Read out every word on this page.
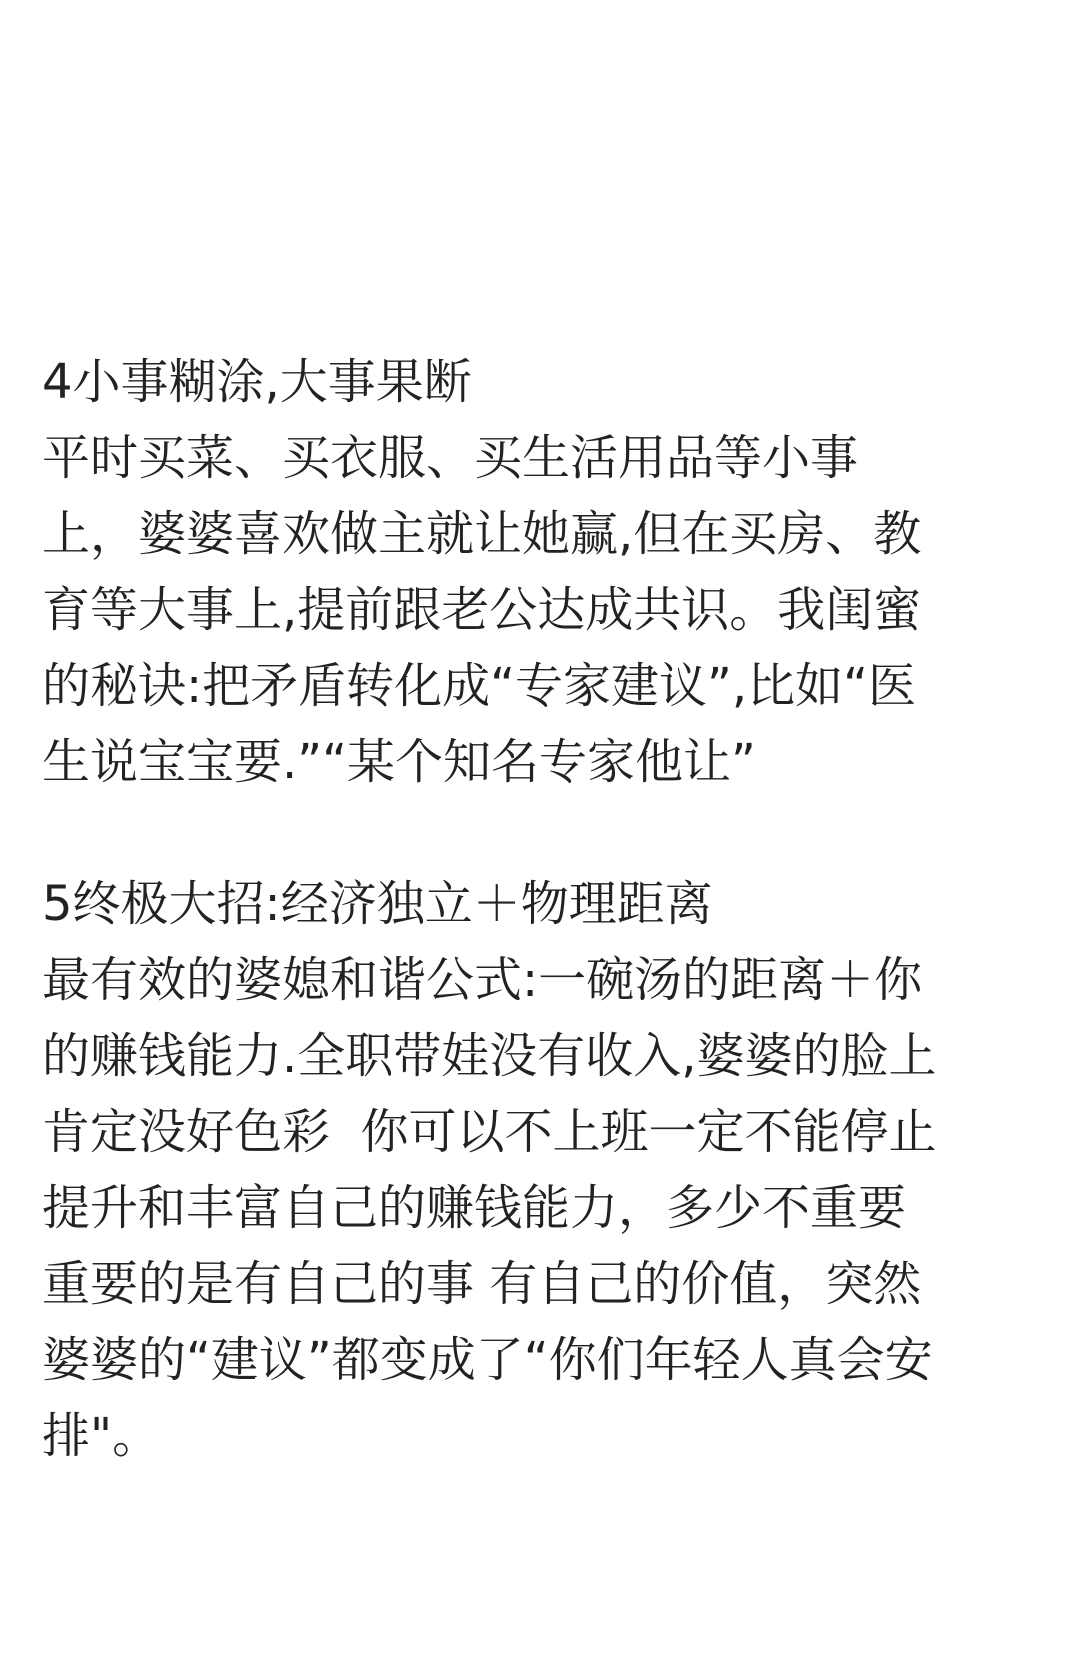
4小事糊涂,大事果断
平时买菜、买衣服、买生活用品等小事
上，婆婆喜欢做主就让她赢,但在买房、教
育等大事上,提前跟老公达成共识。我闺蜜
的秘诀:把矛盾转化成“专家建议”,比如“医
生说宝宝要.”“某个知名专家他让”
5终极大招:经济独立＋物理距离
最有效的婆媳和谐公式:一碗汤的距离＋你
的赚钱能力.全职带娃没有收入,婆婆的脸上
肯定没好色彩  你可以不上班一定不能停止
提升和丰富自己的赚钱能力，多少不重要
重要的是有自己的事 有自己的价值，突然
婆婆的“建议”都变成了“你们年轻人真会安
排"。
